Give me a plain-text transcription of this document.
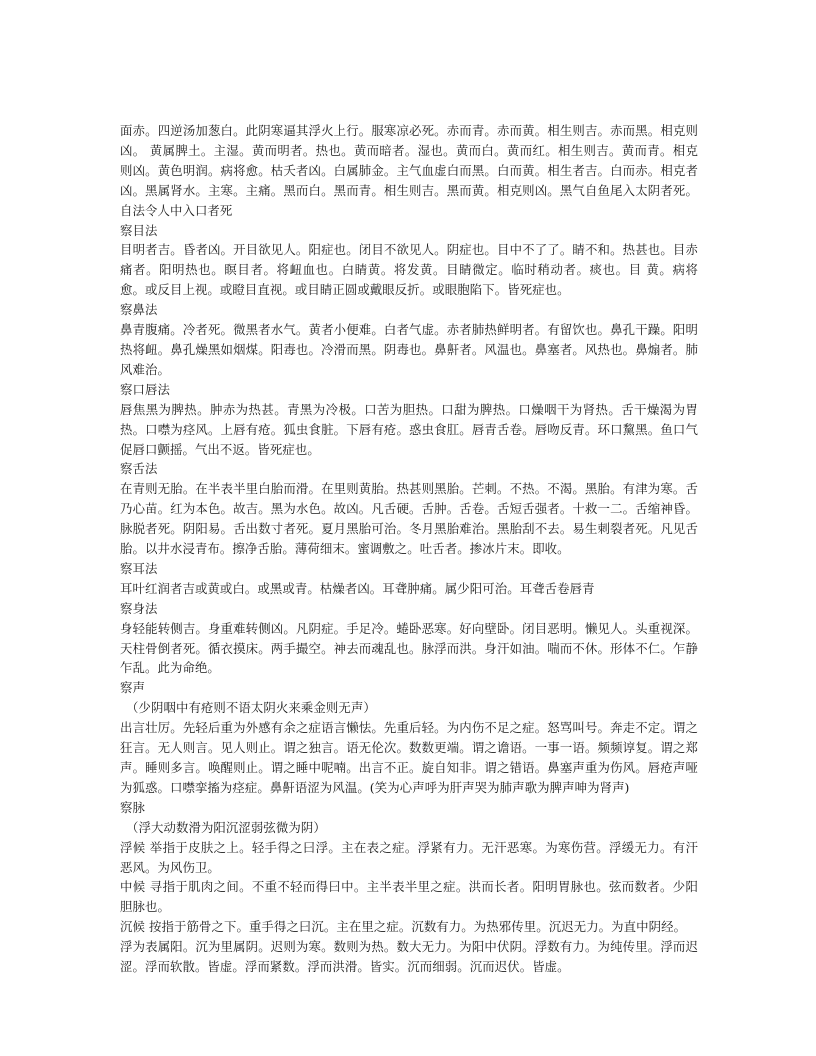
面赤。四逆汤加葱白。此阴寒逼其浮火上行。服寒凉必死。赤而青。赤而黄。相生则吉。赤而黑。相克则凶。 黄属脾土。主湿。黄而明者。热也。黄而暗者。湿也。黄而白。黄而红。相生则吉。黄而青。相克则凶。黄色明润。病将愈。枯夭者凶。白属肺金。主气血虚白而黑。白而黄。相生者吉。白而赤。相克者凶。黑属肾水。主寒。主痛。黑而白。黑而青。相生则吉。黑而黄。相克则凶。黑气自鱼尾入太阴者死。自法令人中入口者死

察目法

目明者吉。昏者凶。开目欲见人。阳症也。闭目不欲见人。阴症也。目中不了了。睛不和。热甚也。目赤痛者。阳明热也。瞑目者。将衄血也。白睛黄。将发黄。目睛微定。临时稍动者。痰也。目 黄。病将愈。或反目上视。或瞪目直视。或目睛正圆或戴眼反折。或眼胞陷下。皆死症也。

察鼻法

鼻青腹痛。冷者死。微黑者水气。黄者小便难。白者气虚。赤者肺热鲜明者。有留饮也。鼻孔干躁。阳明热将衄。鼻孔燥黑如烟煤。阳毒也。冷滑而黑。阴毒也。鼻鼾者。风温也。鼻塞者。风热也。鼻煽者。肺风难治。

察口唇法

唇焦黑为脾热。肿赤为热甚。青黑为冷极。口苦为胆热。口甜为脾热。口燥咽干为肾热。舌干燥渴为胃热。口噤为痉风。上唇有疮。狐虫食脏。下唇有疮。惑虫食肛。唇青舌卷。唇吻反青。环口黧黑。鱼口气促唇口颤摇。气出不返。皆死症也。

察舌法

在青则无胎。在半表半里白胎而滑。在里则黄胎。热甚则黑胎。芒刺。不热。不渴。黑胎。有津为寒。舌乃心苗。红为本色。故吉。黑为水色。故凶。凡舌硬。舌肿。舌卷。舌短舌强者。十救一二。舌缩神昏。脉脱者死。阴阳易。舌出数寸者死。夏月黑胎可治。冬月黑胎难治。黑胎刮不去。易生刺裂者死。凡见舌胎。以井水浸青布。擦净舌胎。薄荷细末。蜜调敷之。吐舌者。掺冰片末。即收。

察耳法

耳叶红润者吉或黄或白。或黑或青。枯燥者凶。耳聋肿痛。属少阳可治。耳聋舌卷唇青

察身法

身轻能转侧吉。身重难转侧凶。凡阴症。手足冷。蜷卧恶寒。好向壁卧。闭目恶明。懒见人。头重视深。天柱骨倒者死。循衣摸床。两手撮空。神去而魂乱也。脉浮而洪。身汗如油。喘而不休。形体不仁。乍静乍乱。此为命绝。

察声

（少阴咽中有疮则不语太阴火来乘金则无声）

出言壮厉。先轻后重为外感有余之症语言懒怯。先重后轻。为内伤不足之症。怒骂叫号。奔走不定。谓之狂言。无人则言。见人则止。谓之独言。语无伦次。数数更端。谓之谵语。一事一语。频频谆复。谓之郑声。睡则多言。唤醒则止。谓之睡中呢喃。出言不正。旋自知非。谓之错语。鼻塞声重为伤风。唇疮声哑为狐惑。口噤挛搐为痉症。鼻鼾语涩为风温。(笑为心声呼为肝声哭为肺声歌为脾声呻为肾声)

察脉

（浮大动数滑为阳沉涩弱弦微为阴）

浮候 举指于皮肤之上。轻手得之曰浮。主在表之症。浮紧有力。无汗恶寒。为寒伤营。浮缓无力。有汗恶风。为风伤卫。

中候 寻指于肌肉之间。不重不轻而得曰中。主半表半里之症。洪而长者。阳明胃脉也。弦而数者。少阳胆脉也。

沉候 按指于筋骨之下。重手得之曰沉。主在里之症。沉数有力。为热邪传里。沉迟无力。为直中阴经。

浮为表属阳。沉为里属阴。迟则为寒。数则为热。数大无力。为阳中伏阴。浮数有力。为纯传里。浮而迟涩。浮而软散。皆虚。浮而紧数。浮而洪滑。皆实。沉而细弱。沉而迟伏。皆虚。
